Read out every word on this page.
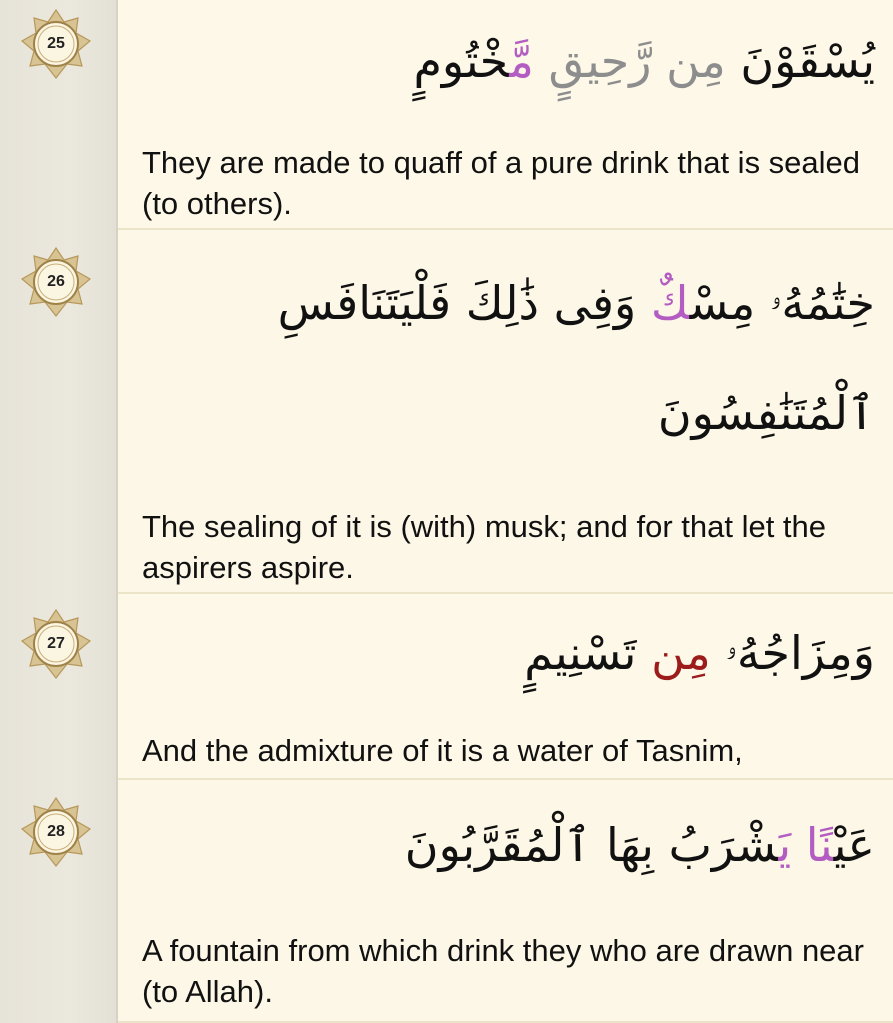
يُسْقَوْنَ مِن رَّحِيقٍ مَّخْتُومٍ
They are made to quaff of a pure drink that is sealed (to others).
خِتَٰمُهُۥ مِسْكٌ وَفِى ذَٰلِكَ فَلْيَتَنَافَسِ
ٱلْمُتَنَٰفِسُونَ
The sealing of it is (with) musk; and for that let the aspirers aspire.
وَمِزَاجُهُۥ مِن تَسْنِيمٍ
And the admixture of it is a water of Tasnim,
عَيْنًا يَشْرَبُ بِهَا ٱلْمُقَرَّبُونَ
A fountain from which drink they who are drawn near (to Allah).
25
26
27
28
